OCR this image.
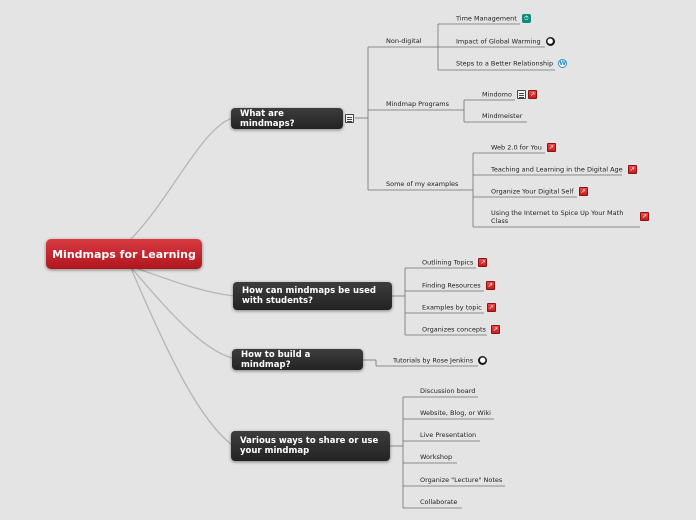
Mindmaps for Learning
What are mindmaps?
How can mindmaps be used with students?
How to build a mindmap?
Various ways to share or use your mindmap
Non-digital
Mindmap Programs
Some of my examples
Time Management ⏱
Impact of Global Warming ●
Steps to a Better Relationship W
Mindomo	↗
Mindmeister
Web 2.0 for You ↗
Teaching and Learning in the Digital Age ↗
Organize Your Digital Self ↗
Using the Internet to Spice Up Your Math Class
↗
Outlining Topics ↗
Finding Resources ↗
Examples by topic ↗
Organizes concepts ↗
Tutorials by Rose Jenkins ●
Discussion board
Website, Blog, or Wiki
Live Presentation
Workshop
Organize "Lecture" Notes
Collaborate
